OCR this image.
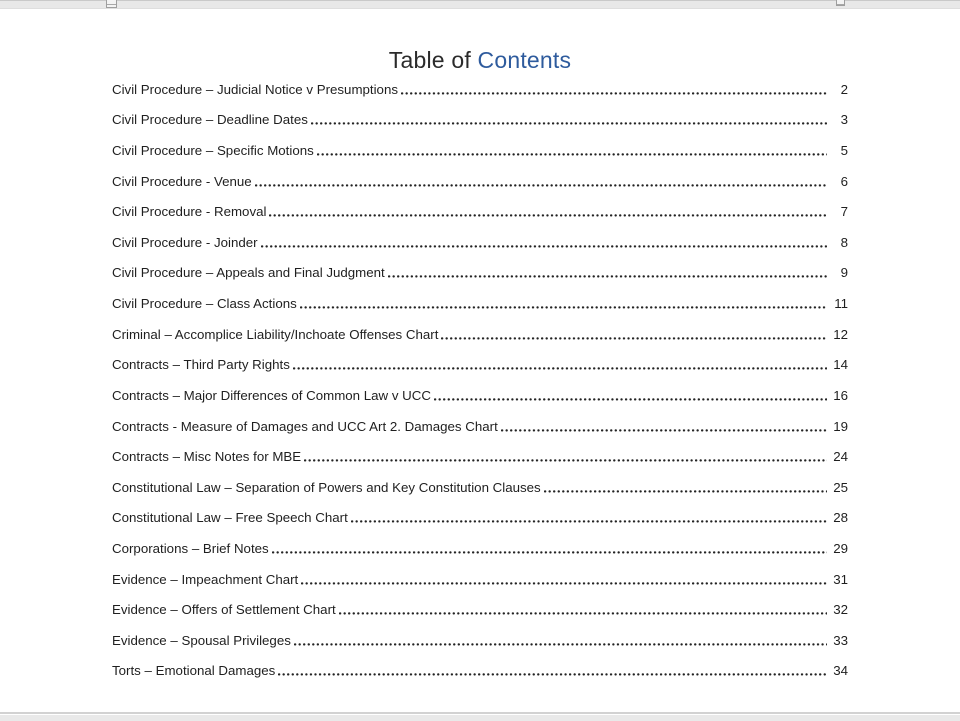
Table of Contents
Civil Procedure – Judicial Notice v Presumptions	2
Civil Procedure – Deadline Dates	3
Civil Procedure – Specific Motions	5
Civil Procedure - Venue	6
Civil Procedure - Removal	7
Civil Procedure - Joinder	8
Civil Procedure – Appeals and Final Judgment	9
Civil Procedure – Class Actions	11
Criminal – Accomplice Liability/Inchoate Offenses Chart	12
Contracts – Third Party Rights	14
Contracts – Major Differences of Common Law v UCC	16
Contracts - Measure of Damages and UCC Art 2. Damages Chart	19
Contracts – Misc Notes for MBE	24
Constitutional Law – Separation of Powers and Key Constitution Clauses	25
Constitutional Law – Free Speech Chart	28
Corporations – Brief Notes	29
Evidence – Impeachment Chart	31
Evidence – Offers of Settlement Chart	32
Evidence – Spousal Privileges	33
Torts – Emotional Damages	34
